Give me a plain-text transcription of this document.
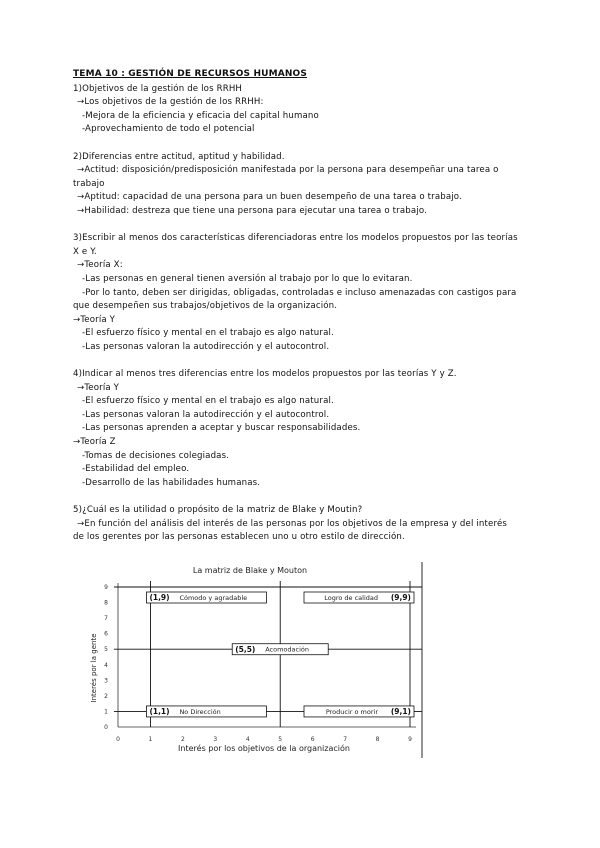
TEMA 10 : GESTIÓN DE RECURSOS HUMANOS
1)Objetivos de la gestión de los RRHH
→Los objetivos de la gestión de los RRHH:
-Mejora de la eficiencia y eficacia del capital humano
-Aprovechamiento de todo el potencial
2)Diferencias entre actitud, aptitud y habilidad.
→Actitud: disposición/predisposición manifestada por la persona para desempeñar una tarea o
trabajo
→Aptitud: capacidad de una persona para un buen desempeño de una tarea o trabajo.
→Habilidad: destreza que tiene una persona para ejecutar una tarea o trabajo.
3)Escribir al menos dos características diferenciadoras entre los modelos propuestos por las teorías
X e Y.
→Teoría X:
-Las personas en general tienen aversión al trabajo por lo que lo evitaran.
-Por lo tanto, deben ser dirigidas, obligadas, controladas e incluso amenazadas con castigos para
que desempeñen sus trabajos/objetivos de la organización.
→Teoría Y
-El esfuerzo físico y mental en el trabajo es algo natural.
-Las personas valoran la autodirección y el autocontrol.
4)Indicar al menos tres diferencias entre los modelos propuestos por las teorías Y y Z.
→Teoría Y
-El esfuerzo físico y mental en el trabajo es algo natural.
-Las personas valoran la autodirección y el autocontrol.
-Las personas aprenden a aceptar y buscar responsabilidades.
→Teoría Z
-Tomas de decisiones colegiadas.
-Estabilidad del empleo.
-Desarrollo de las habilidades humanas.
5)¿Cuál es la utilidad o propósito de la matriz de Blake y Moutin?
→En función del análisis del interés de las personas por los objetivos de la empresa y del interés
de los gerentes por las personas establecen uno u otro estilo de dirección.
La matriz de Blake y Mouton
0	1	2	3	4	5	6	7	8	9
0
1
2
3
4
5
6
7
8
9
(1,9) Cómodo y agradable	(9,9)
Logro de calidad
(5,5) Acomodación
(1,1) No Dirección	(9,1)
Producir o morir
Interés por los objetivos de la organización
Interés por la gente
